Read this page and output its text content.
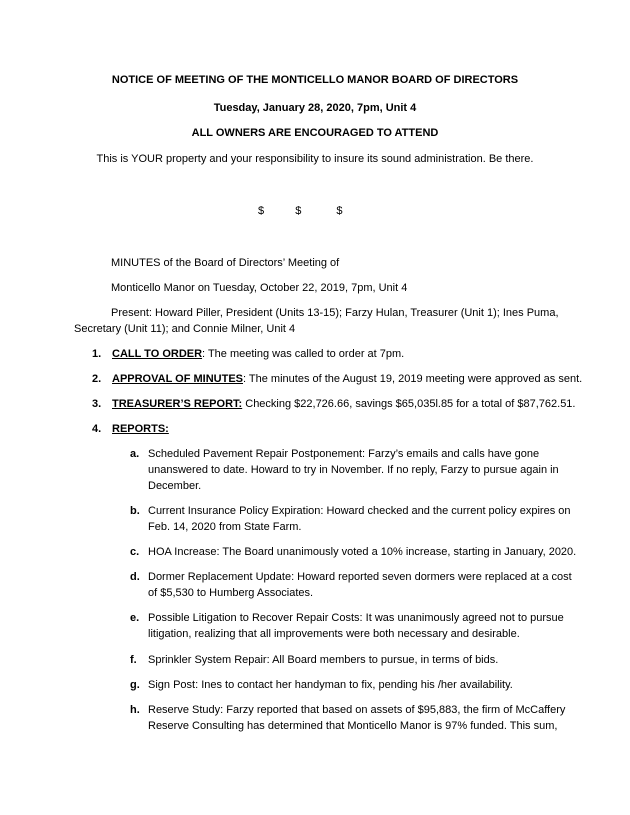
NOTICE OF MEETING OF THE MONTICELLO MANOR BOARD OF DIRECTORS
Tuesday, January 28, 2020, 7pm, Unit 4
ALL OWNERS ARE ENCOURAGED TO ATTEND
This is YOUR property and your responsibility to insure its sound administration. Be there.
$	$	$
MINUTES of the Board of Directors’ Meeting of
Monticello Manor on Tuesday, October 22, 2019, 7pm, Unit 4
Present: Howard Piller, President (Units 13-15); Farzy Hulan, Treasurer (Unit 1); Ines Puma,
Secretary (Unit 11); and Connie Milner, Unit 4
1. CALL TO ORDER: The meeting was called to order at 7pm.
2. APPROVAL OF MINUTES: The minutes of the August 19, 2019 meeting were approved as sent.
3. TREASURER’S REPORT: Checking $22,726.66, savings $65,035l.85 for a total of $87,762.51.
4. REPORTS:
a. Scheduled Pavement Repair Postponement: Farzy’s emails and calls have gone
unanswered to date. Howard to try in November. If no reply, Farzy to pursue again in
December.
b. Current Insurance Policy Expiration: Howard checked and the current policy expires on
Feb. 14, 2020 from State Farm.
c. HOA Increase: The Board unanimously voted a 10% increase, starting in January, 2020.
d. Dormer Replacement Update: Howard reported seven dormers were replaced at a cost
of $5,530 to Humberg Associates.
e. Possible Litigation to Recover Repair Costs: It was unanimously agreed not to pursue
litigation, realizing that all improvements were both necessary and desirable.
f. Sprinkler System Repair: All Board members to pursue, in terms of bids.
g. Sign Post: Ines to contact her handyman to fix, pending his /her availability.
h. Reserve Study: Farzy reported that based on assets of $95,883, the firm of McCaffery
Reserve Consulting has determined that Monticello Manor is 97% funded. This sum,
